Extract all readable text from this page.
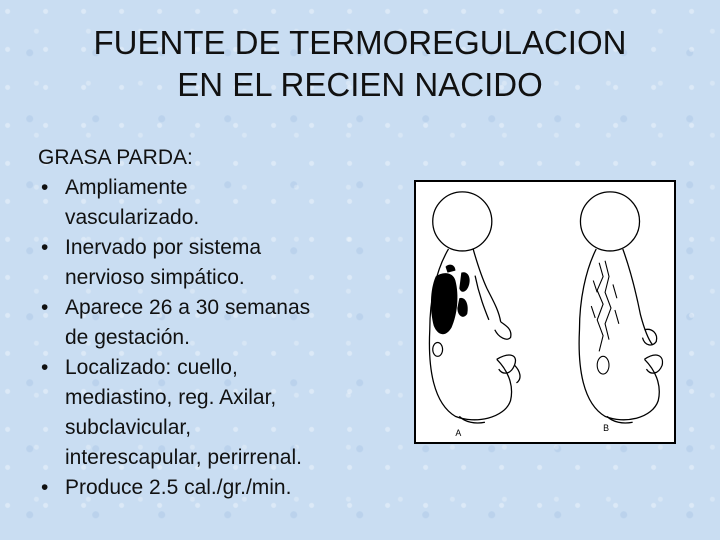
FUENTE DE TERMOREGULACION
EN EL RECIEN NACIDO
GRASA PARDA:
• Ampliamente
vascularizado.
• Inervado por sistema
nervioso simpático.
• Aparece 26 a 30 semanas
de gestación.
• Localizado: cuello,
mediastino, reg. Axilar,
subclavicular,
interescapular, perirrenal.
• Produce 2.5 cal./gr./min.
A	B
